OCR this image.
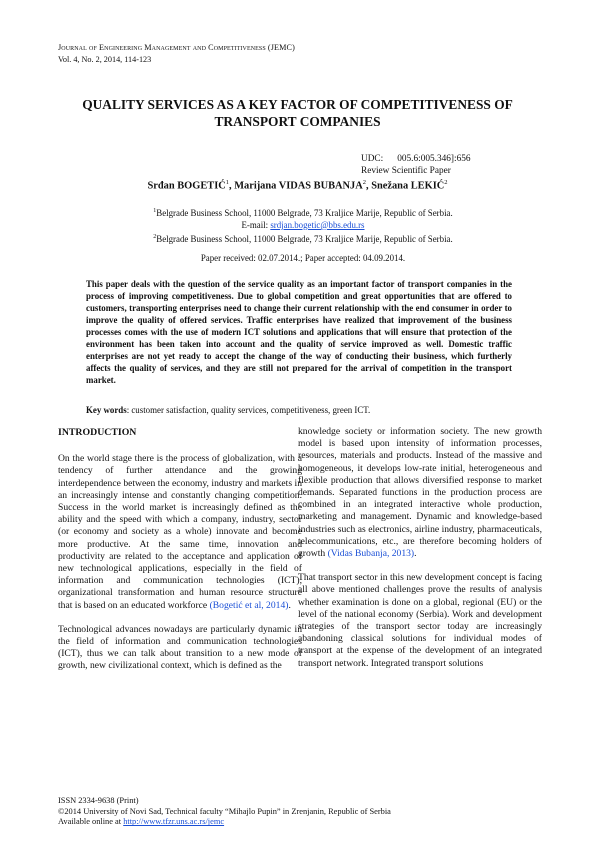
Journal of Engineering Management and Competitiveness (JEMC)
Vol. 4, No. 2, 2014, 114-123
QUALITY SERVICES AS A KEY FACTOR OF COMPETITIVENESS OF
TRANSPORT COMPANIES
UDC: 005.6:005.346]:656
Review Scientific Paper
Srđan BOGETIĆ$^1$, Marijana VIDAS BUBANJA$^2$, Snežana LEKIĆ$^2$
$^1$Belgrade Business School, 11000 Belgrade, 73 Kraljice Marije, Republic of Serbia.
E-mail: srdjan.bogetic@bbs.edu.rs
$^2$Belgrade Business School, 11000 Belgrade, 73 Kraljice Marije, Republic of Serbia.
Paper received: 02.07.2014.; Paper accepted: 04.09.2014.
This paper deals with the question of the service quality as an important factor of transport companies in the process of improving competitiveness. Due to global competition and great opportunities that are offered to customers, transporting enterprises need to change their current relationship with the end consumer in order to improve the quality of offered services. Traffic enterprises have realized that improvement of the business processes comes with the use of modern ICT solutions and applications that will ensure that protection of the environment has been taken into account and the quality of service improved as well. Domestic traffic enterprises are not yet ready to accept the change of the way of conducting their business, which furtherly affects the quality of services, and they are still not prepared for the arrival of competition in the transport market.
Key words: customer satisfaction, quality services, competitiveness, green ICT.
INTRODUCTION

On the world stage there is the process of globalization, with a tendency of further attendance and the growing interdependence between the economy, industry and markets in an increasingly intense and constantly changing competition. Success in the world market is increasingly defined as the ability and the speed with which a company, industry, sector (or economy and society as a whole) innovate and become more productive. At the same time, innovation and productivity are related to the acceptance and application of new technological applications, especially in the field of information and communication technologies (ICT), organizational transformation and human resource structure that is based on an educated workforce (Bogetić et al, 2014).

Technological advances nowadays are particularly dynamic in the field of information and communication technologies (ICT), thus we can talk about transition to a new mode of growth, new civilizational context, which is defined as the

knowledge society or information society. The new growth model is based upon intensity of information processes, resources, materials and products. Instead of the massive and homogeneous, it develops low-rate initial, heterogeneous and flexible production that allows diversified response to market demands. Separated functions in the production process are combined in an integrated interactive whole production, marketing and management. Dynamic and knowledge-based industries such as electronics, airline industry, pharmaceuticals, telecommunications, etc., are therefore becoming holders of growth (Vidas Bubanja, 2013).

That transport sector in this new development concept is facing all above mentioned challenges prove the results of analysis whether examination is done on a global, regional (EU) or the level of the national economy (Serbia). Work and development strategies of the transport sector today are increasingly abandoning classical solutions for individual modes of transport at the expense of the development of an integrated transport network. Integrated transport solutions

ISSN 2334-9638 (Print)
©2014 University of Novi Sad, Technical faculty “Mihajlo Pupin” in Zrenjanin, Republic of Serbia
Available online at http://www.tfzr.uns.ac.rs/jemc
